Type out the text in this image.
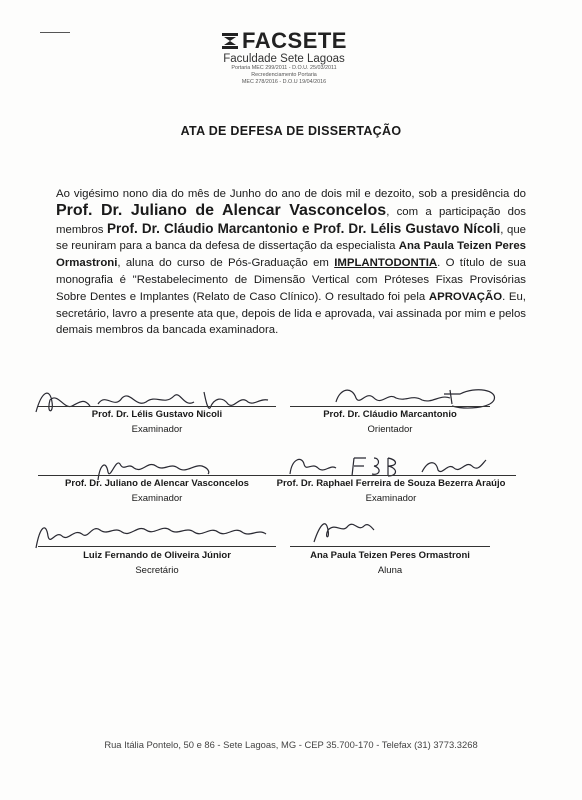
FACSETE
Faculdade Sete Lagoas
Portaria MEC 299/2011 - D.O.U. 25/03/2011
Recredenciamento Portaria
MEC 278/2016 - D.O.U 19/04/2016
ATA DE DEFESA DE DISSERTAÇÃO
Ao vigésimo nono dia do mês de Junho do ano de dois mil e dezoito, sob a presidência do Prof. Dr. Juliano de Alencar Vasconcelos, com a participação dos membros Prof. Dr. Cláudio Marcantonio e Prof. Dr. Lélis Gustavo Nícoli, que se reuniram para a banca da defesa de dissertação da especialista Ana Paula Teizen Peres Ormastroni, aluna do curso de Pós-Graduação em IMPLANTODONTIA. O título de sua monografia é "Restabelecimento de Dimensão Vertical com Próteses Fixas Provisórias Sobre Dentes e Implantes (Relato de Caso Clínico). O resultado foi pela APROVAÇÃO. Eu, secretário, lavro a presente ata que, depois de lida e aprovada, vai assinada por mim e pelos demais membros da bancada examinadora.
Prof. Dr. Lélis Gustavo Nicoli
Examinador
Prof. Dr. Cláudio Marcantonio
Orientador
Prof. Dr. Juliano de Alencar Vasconcelos
Examinador
Prof. Dr. Raphael Ferreira de Souza Bezerra Araújo
Examinador
Luiz Fernando de Oliveira Júnior
Secretário
Ana Paula Teizen Peres Ormastroni
Aluna
Rua Itália Pontelo, 50 e 86 - Sete Lagoas, MG - CEP 35.700-170 - Telefax (31) 3773.3268
